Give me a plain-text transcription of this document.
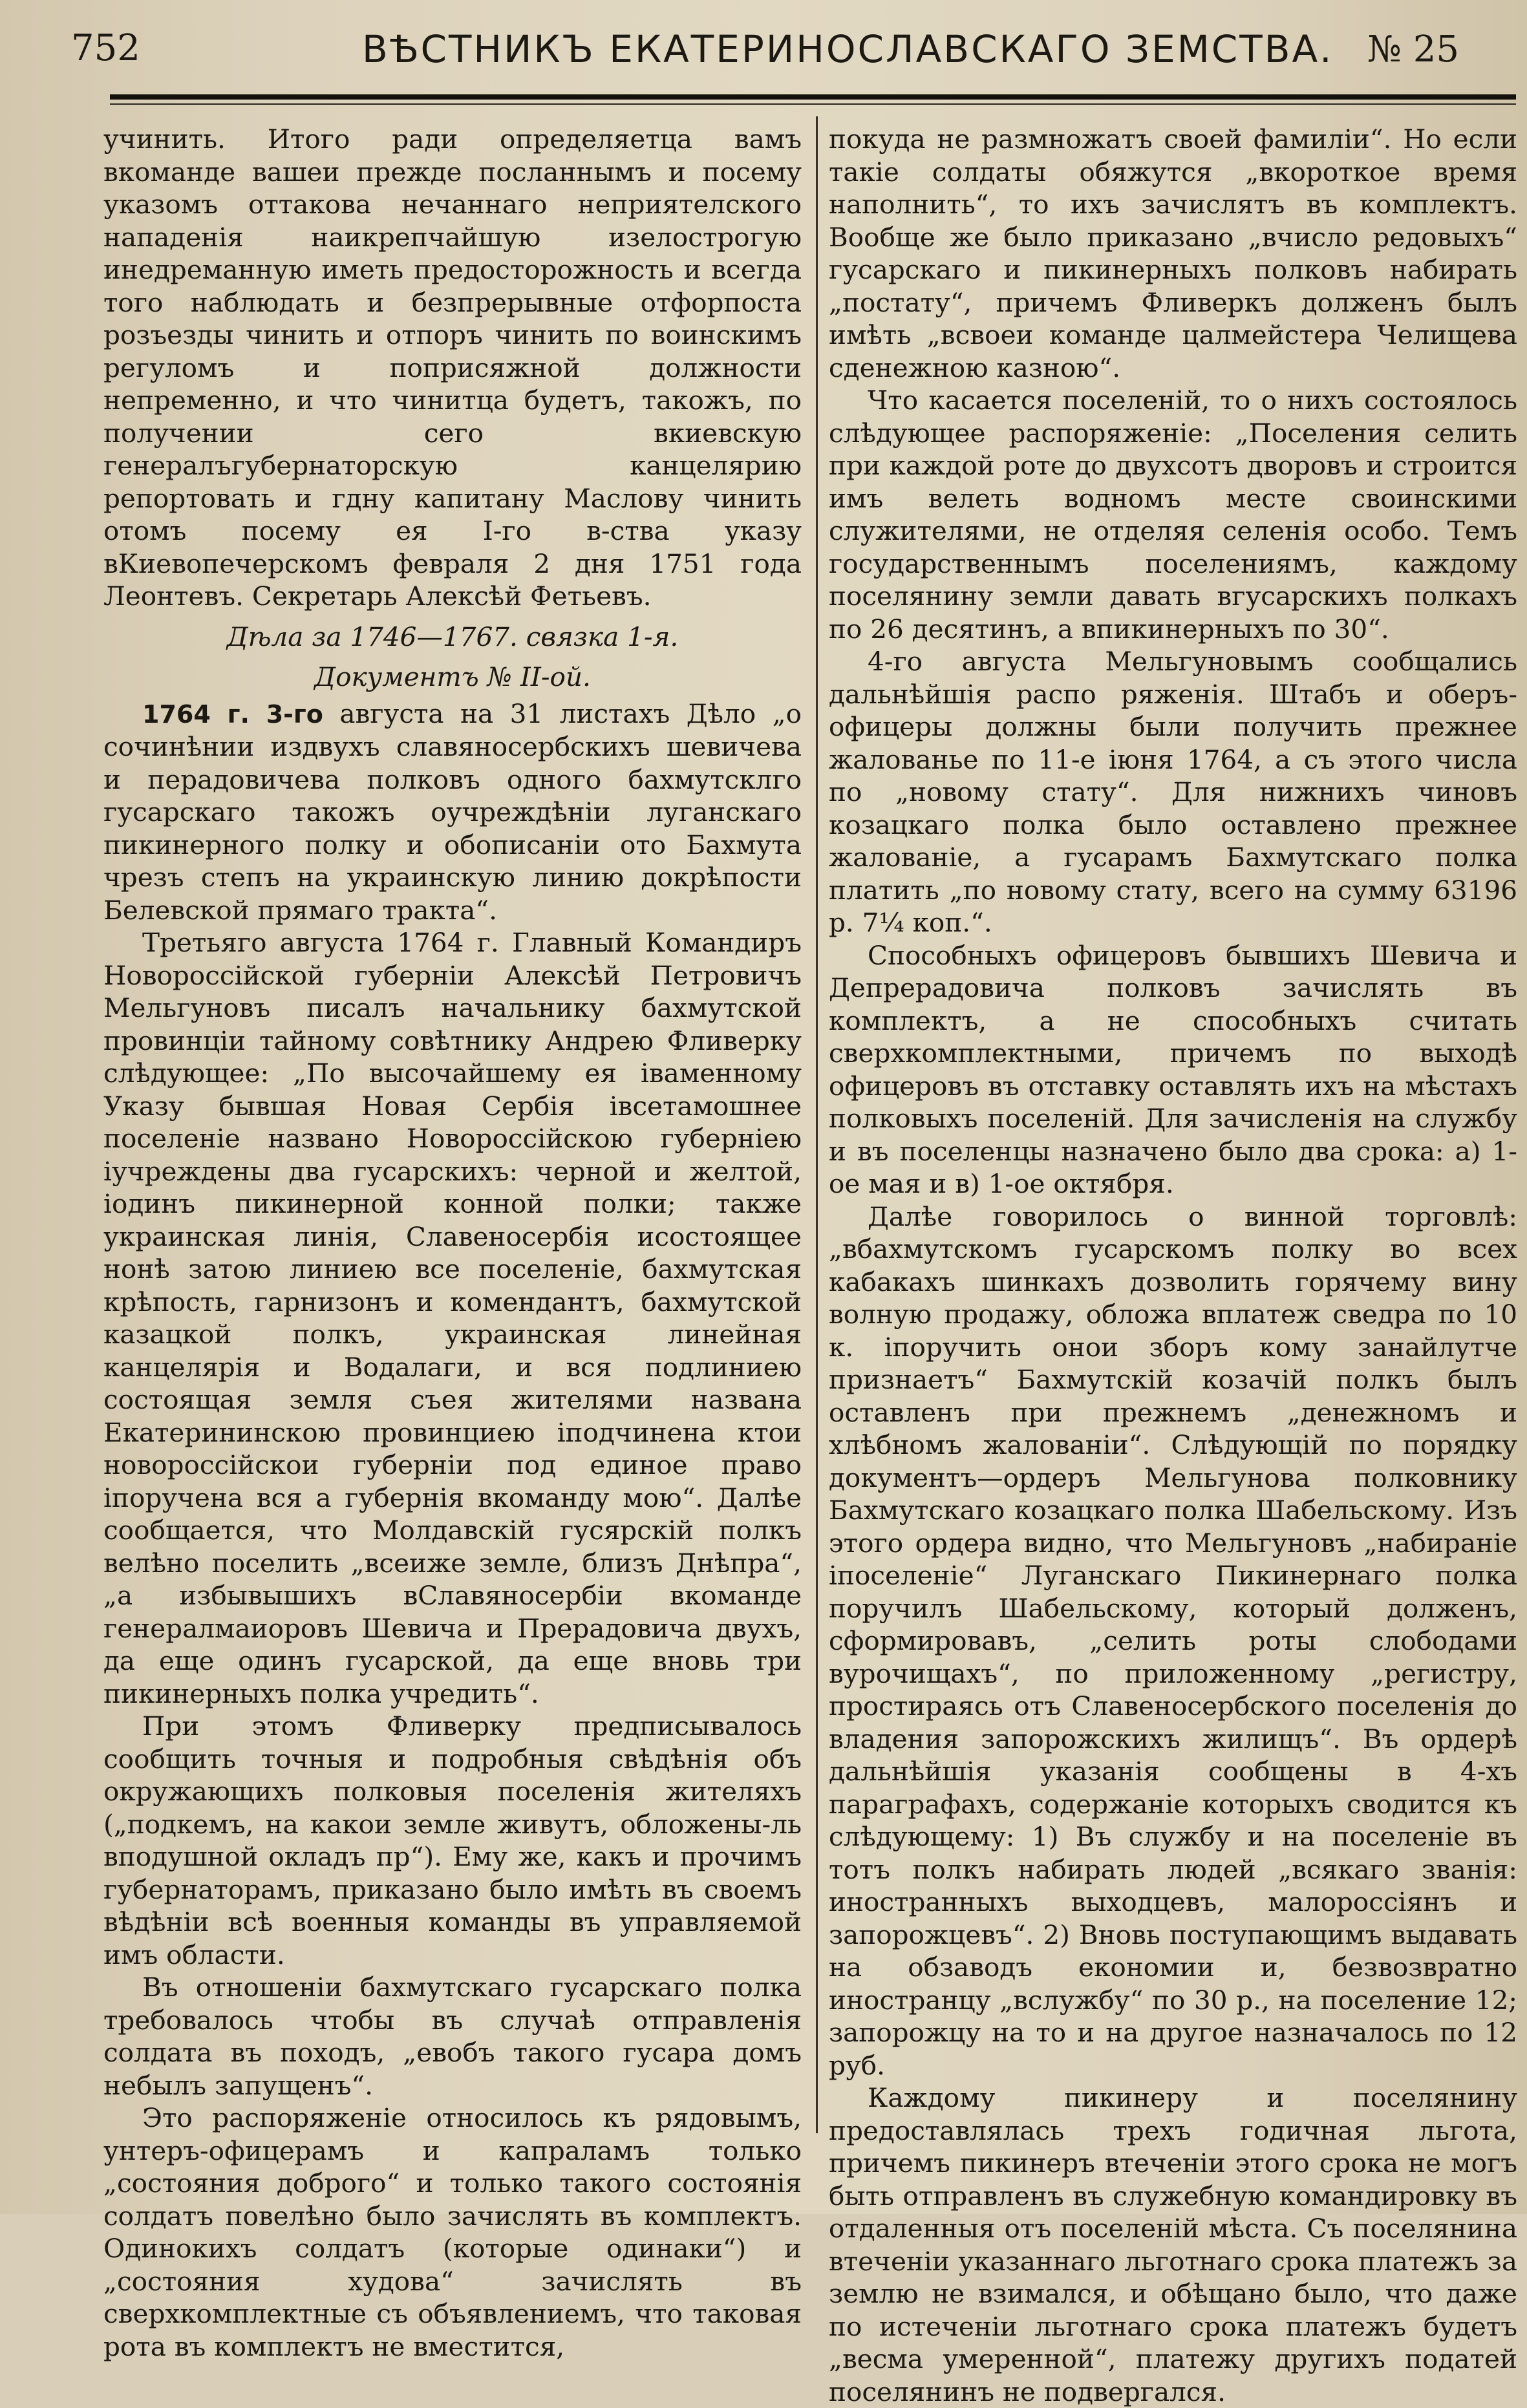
752	ВѢСТНИКЪ ЕКАТЕРИНОСЛАВСКАГО ЗЕМСТВА. № 25

учинить. Итого ради определяетца вамъ вкоманде вашеи прежде посланнымъ и посему указомъ оттакова нечаннаго неприятелского нападенія наикрепчайшую изелострогую инедреманную иметь предосторожность и всегда того наблюдать и безпрерывные отфорпоста розъезды чинить и отпоръ чинить по воинскимъ регуломъ и поприсяжной должности непременно, и что чинитца будетъ, такожъ, по получении сего вкиевскую генералъгубернаторскую канцелярию репортовать и гдну капитану Маслову чинить отомъ посему ея I-го в-ства указу вКиевопечерскомъ февраля 2 дня 1751 года Леонтевъ. Секретарь Алексѣй Фетьевъ.

Дѣла за 1746—1767. связка 1-я.

Документъ № II-ой.

1764 г. 3-го августа на 31 листахъ Дѣло „о сочинѣнии издвухъ славяносербскихъ шевичева и перадовичева полковъ одного бахмутсклго гусарскаго такожъ оучреждѣнiи луганскаго пикинерного полку и обописанiи ото Бахмута чрезъ степъ на украинскую линию докрѣпости Белевской прямаго тракта“.

Третьяго августа 1764 г. Главный Командиръ Новороссійской губерніи Алексѣй Петровичъ Мельгуновъ писалъ начальнику бахмутской провинціи тайному совѣтнику Андрею Фливерку слѣдующее: „По высочайшему ея іваменному Указу бывшая Новая Сербія івсетамошнее поселеніе названо Новороссійскою губерніею іучреждены два гусарскихъ: черной и желтой, іодинъ пикинерной конной полки; также украинская линія, Славеносербія исостоящее нонѣ затою линиею все поселеніе, бахмутская крѣпость, гарнизонъ и комендантъ, бахмутской казацкой полкъ, украинская линейная канцелярія и Водалаги, и вся подлиниею состоящая земля съея жителями названа Екатерининскою провинциею іподчинена ктои новороссійскои губерніи под единое право іпоручена вся а губернія вкоманду мою“. Далѣе сообщается, что Молдавскій гусярскій полкъ велѣно поселить „всеиже земле, близъ Днѣпра“, „а избывышихъ вСлавяносербіи вкоманде генералмаиоровъ Шевича и Прерадовича двухъ, да еще одинъ гусарской, да еще вновь три пикинерныхъ полка учредить“.

При этомъ Фливерку предписывалось сообщить точныя и подробныя свѣдѣнія объ окружающихъ полковыя поселенія жителяхъ („подкемъ, на какои земле живутъ, обложены-ль вподушной окладъ пр“). Ему же, какъ и прочимъ губернаторамъ, приказано было имѣть въ своемъ вѣдѣніи всѣ военныя команды въ управляемой имъ области.

Въ отношеніи бахмутскаго гусарскаго полка требовалось чтобы въ случаѣ отправленія солдата въ походъ, „евобъ такого гусара домъ небылъ запущенъ“.

Это распоряженіе относилось къ рядовымъ, унтеръ-офицерамъ и капраламъ только „состояния доброго“ и только такого состоянія солдатъ повелѣно было зачислять въ комплектъ. Одинокихъ солдатъ (которые одинаки“) и „состояния худова“ зачислять въ сверхкомплектные съ объявлениемъ, что таковая рота въ комплектъ не вместится,

покуда не размножатъ своей фамилiи“. Но если такіе солдаты обяжутся „вкороткое время наполнить“, то ихъ зачислятъ въ комплектъ. Вообще же было приказано „вчисло редовыхъ“ гусарскаго и пикинерныхъ полковъ набирать „постату“, причемъ Фливеркъ долженъ былъ имѣть „всвоеи команде цалмейстера Челищева сденежною казною“.

Что касается поселеній, то о нихъ состоялось слѣдующее распоряженіе: „Поселения селить при каждой роте до двухсотъ дворовъ и строится имъ велеть водномъ месте своинскими служителями, не отделяя селенія особо. Темъ государственнымъ поселениямъ, каждому поселянину земли давать вгусарскихъ полкахъ по 26 десятинъ, а впикинерныхъ по 30“.

4-го августа Мельгуновымъ сообщались дальнѣйшія распо ряженія. Штабъ и оберъ-офицеры должны были получить прежнее жалованье по 11-е іюня 1764, а съ этого числа по „новому стату“. Для нижнихъ чиновъ козацкаго полка было оставлено прежнее жалованіе, а гусарамъ Бахмутскаго полка платить „по новому стату, всего на сумму 63196 р. 7¼ коп.“.

Способныхъ офицеровъ бывшихъ Шевича и Депрерадовича полковъ зачислять въ комплектъ, а не способныхъ считать сверхкомплектными, причемъ по выходѣ офицеровъ въ отставку оставлять ихъ на мѣстахъ полковыхъ поселеній. Для зачисленія на службу и въ поселенцы назначено было два срока: а) 1-ое мая и в) 1-ое октября.

Далѣе говорилось о винной торговлѣ: „вбахмутскомъ гусарскомъ полку во всех кабакахъ шинкахъ дозволить горячему вину волную продажу, обложа вплатеж сведра по 10 к. іпоручить онои зборъ кому занайлутче признаетъ“ Бахмутскій козачій полкъ былъ оставленъ при прежнемъ „денежномъ и хлѣбномъ жалованіи“. Слѣдующій по порядку документъ—ордеръ Мельгунова полковнику Бахмутскаго козацкаго полка Шабельскому. Изъ этого ордера видно, что Мельгуновъ „набираніе іпоселеніе“ Луганскаго Пикинернаго полка поручилъ Шабельскому, который долженъ, сформировавъ, „селить роты слободами вурочищахъ“, по приложенному „регистру, простираясь отъ Славеносербского поселенія до владения запорожскихъ жилищъ“. Въ ордерѣ дальнѣйшія указанія сообщены в 4-хъ параграфахъ, содержаніе которыхъ сводится къ слѣдующему: 1) Въ службу и на поселеніе въ тотъ полкъ набирать людей „всякаго званія: иностранныхъ выходцевъ, малороссіянъ и запорожцевъ“. 2) Вновь поступающимъ выдавать на обзаводъ економии и, безвозвратно иностранцу „вслужбу“ по 30 р., на поселение 12; запорожцу на то и на другое назначалось по 12 руб.

Каждому пикинеру и поселянину предоставлялась трехъ годичная льгота, причемъ пикинеръ втеченіи этого срока не могъ быть отправленъ въ служебную командировку въ отдаленныя отъ поселеній мѣста. Съ поселянина втеченіи указаннаго льготнаго срока платежъ за землю не взимался, и обѣщано было, что даже по истеченіи льготнаго срока платежъ будетъ „весма умеренной“, платежу другихъ податей поселянинъ не подвергался.
